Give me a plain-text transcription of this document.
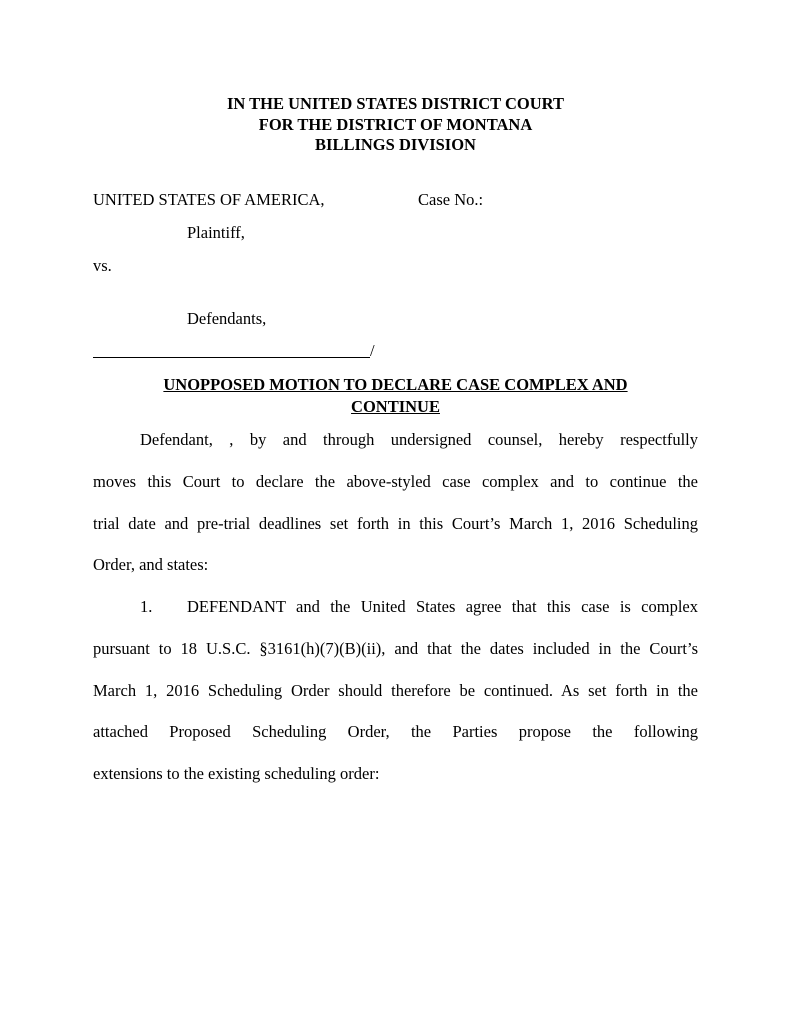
IN THE UNITED STATES DISTRICT COURT
FOR THE DISTRICT OF MONTANA
BILLINGS DIVISION
UNITED STATES OF AMERICA,	Case No.:
Plaintiff,
vs.
Defendants,
/
UNOPPOSED MOTION TO DECLARE CASE COMPLEX AND
CONTINUE
Defendant, , by and through undersigned counsel, hereby respectfully
moves this Court to declare the above-styled case complex and to continue the
trial date and pre-trial deadlines set forth in this Court’s March 1, 2016 Scheduling
Order, and states:
1. DEFENDANT and the United States agree that this case is complex
pursuant to 18 U.S.C. §3161(h)(7)(B)(ii), and that the dates included in the Court’s
March 1, 2016 Scheduling Order should therefore be continued. As set forth in the
attached Proposed Scheduling Order, the Parties propose the following
extensions to the existing scheduling order:
